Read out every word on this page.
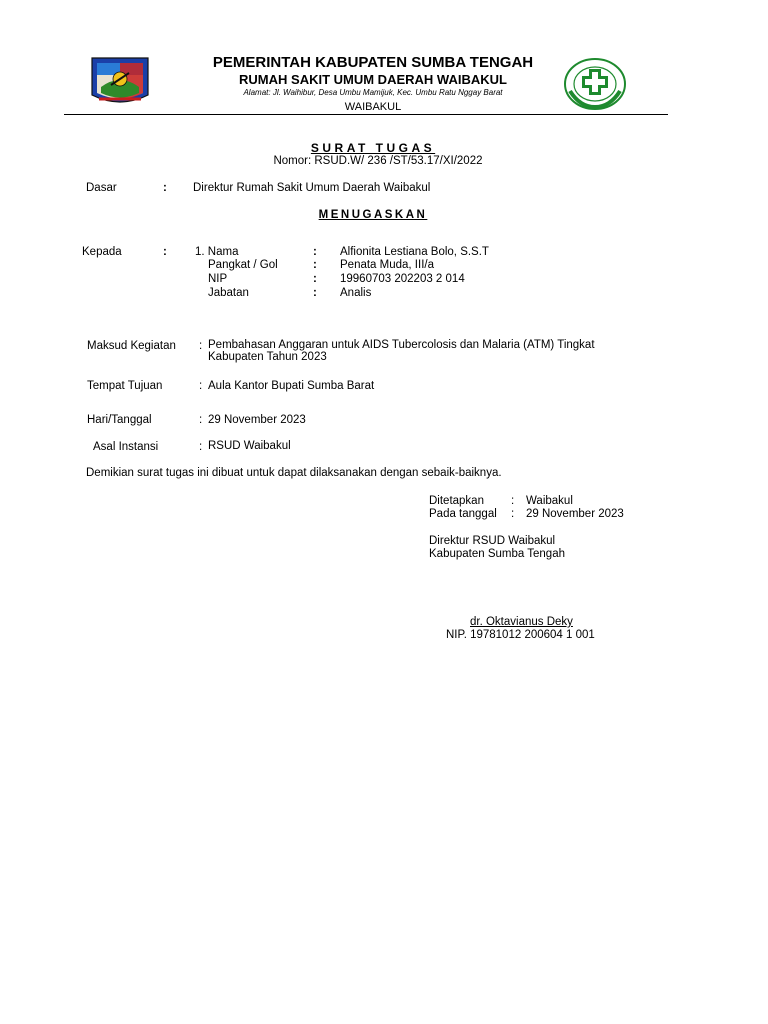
PEMERINTAH KABUPATEN SUMBA TENGAH
RUMAH SAKIT UMUM DAERAH WAIBAKUL
Alamat: Jl. Waihibur, Desa Umbu Mamijuk, Kec. Umbu Ratu Nggay Barat
WAIBAKUL
SURAT TUGAS
Nomor: RSUD.W/ 236 /ST/53.17/XI/2022
Dasar	: Direktur Rumah Sakit Umum Daerah Waibakul
MENUGASKAN
Kepada	: 1. Nama	: Alfionita Lestiana Bolo, S.S.T
Pangkat / Gol	: Penata Muda, III/a
NIP	: 19960703 202203 2 014
Jabatan	: Analis
Maksud Kegiatan : Pembahasan Anggaran untuk AIDS Tubercolosis dan Malaria (ATM) Tingkat
Kabupaten Tahun 2023
Tempat Tujuan	: Aula Kantor Bupati Sumba Barat
Hari/Tanggal	: 29 November 2023
Asal Instansi	: RSUD Waibakul
Demikian surat tugas ini dibuat untuk dapat dilaksanakan dengan sebaik-baiknya.
Ditetapkan : Waibakul
Pada tanggal : 29 November 2023
Direktur RSUD Waibakul
Kabupaten Sumba Tengah
dr. Oktavianus Deky
NIP. 19781012 200604 1 001
